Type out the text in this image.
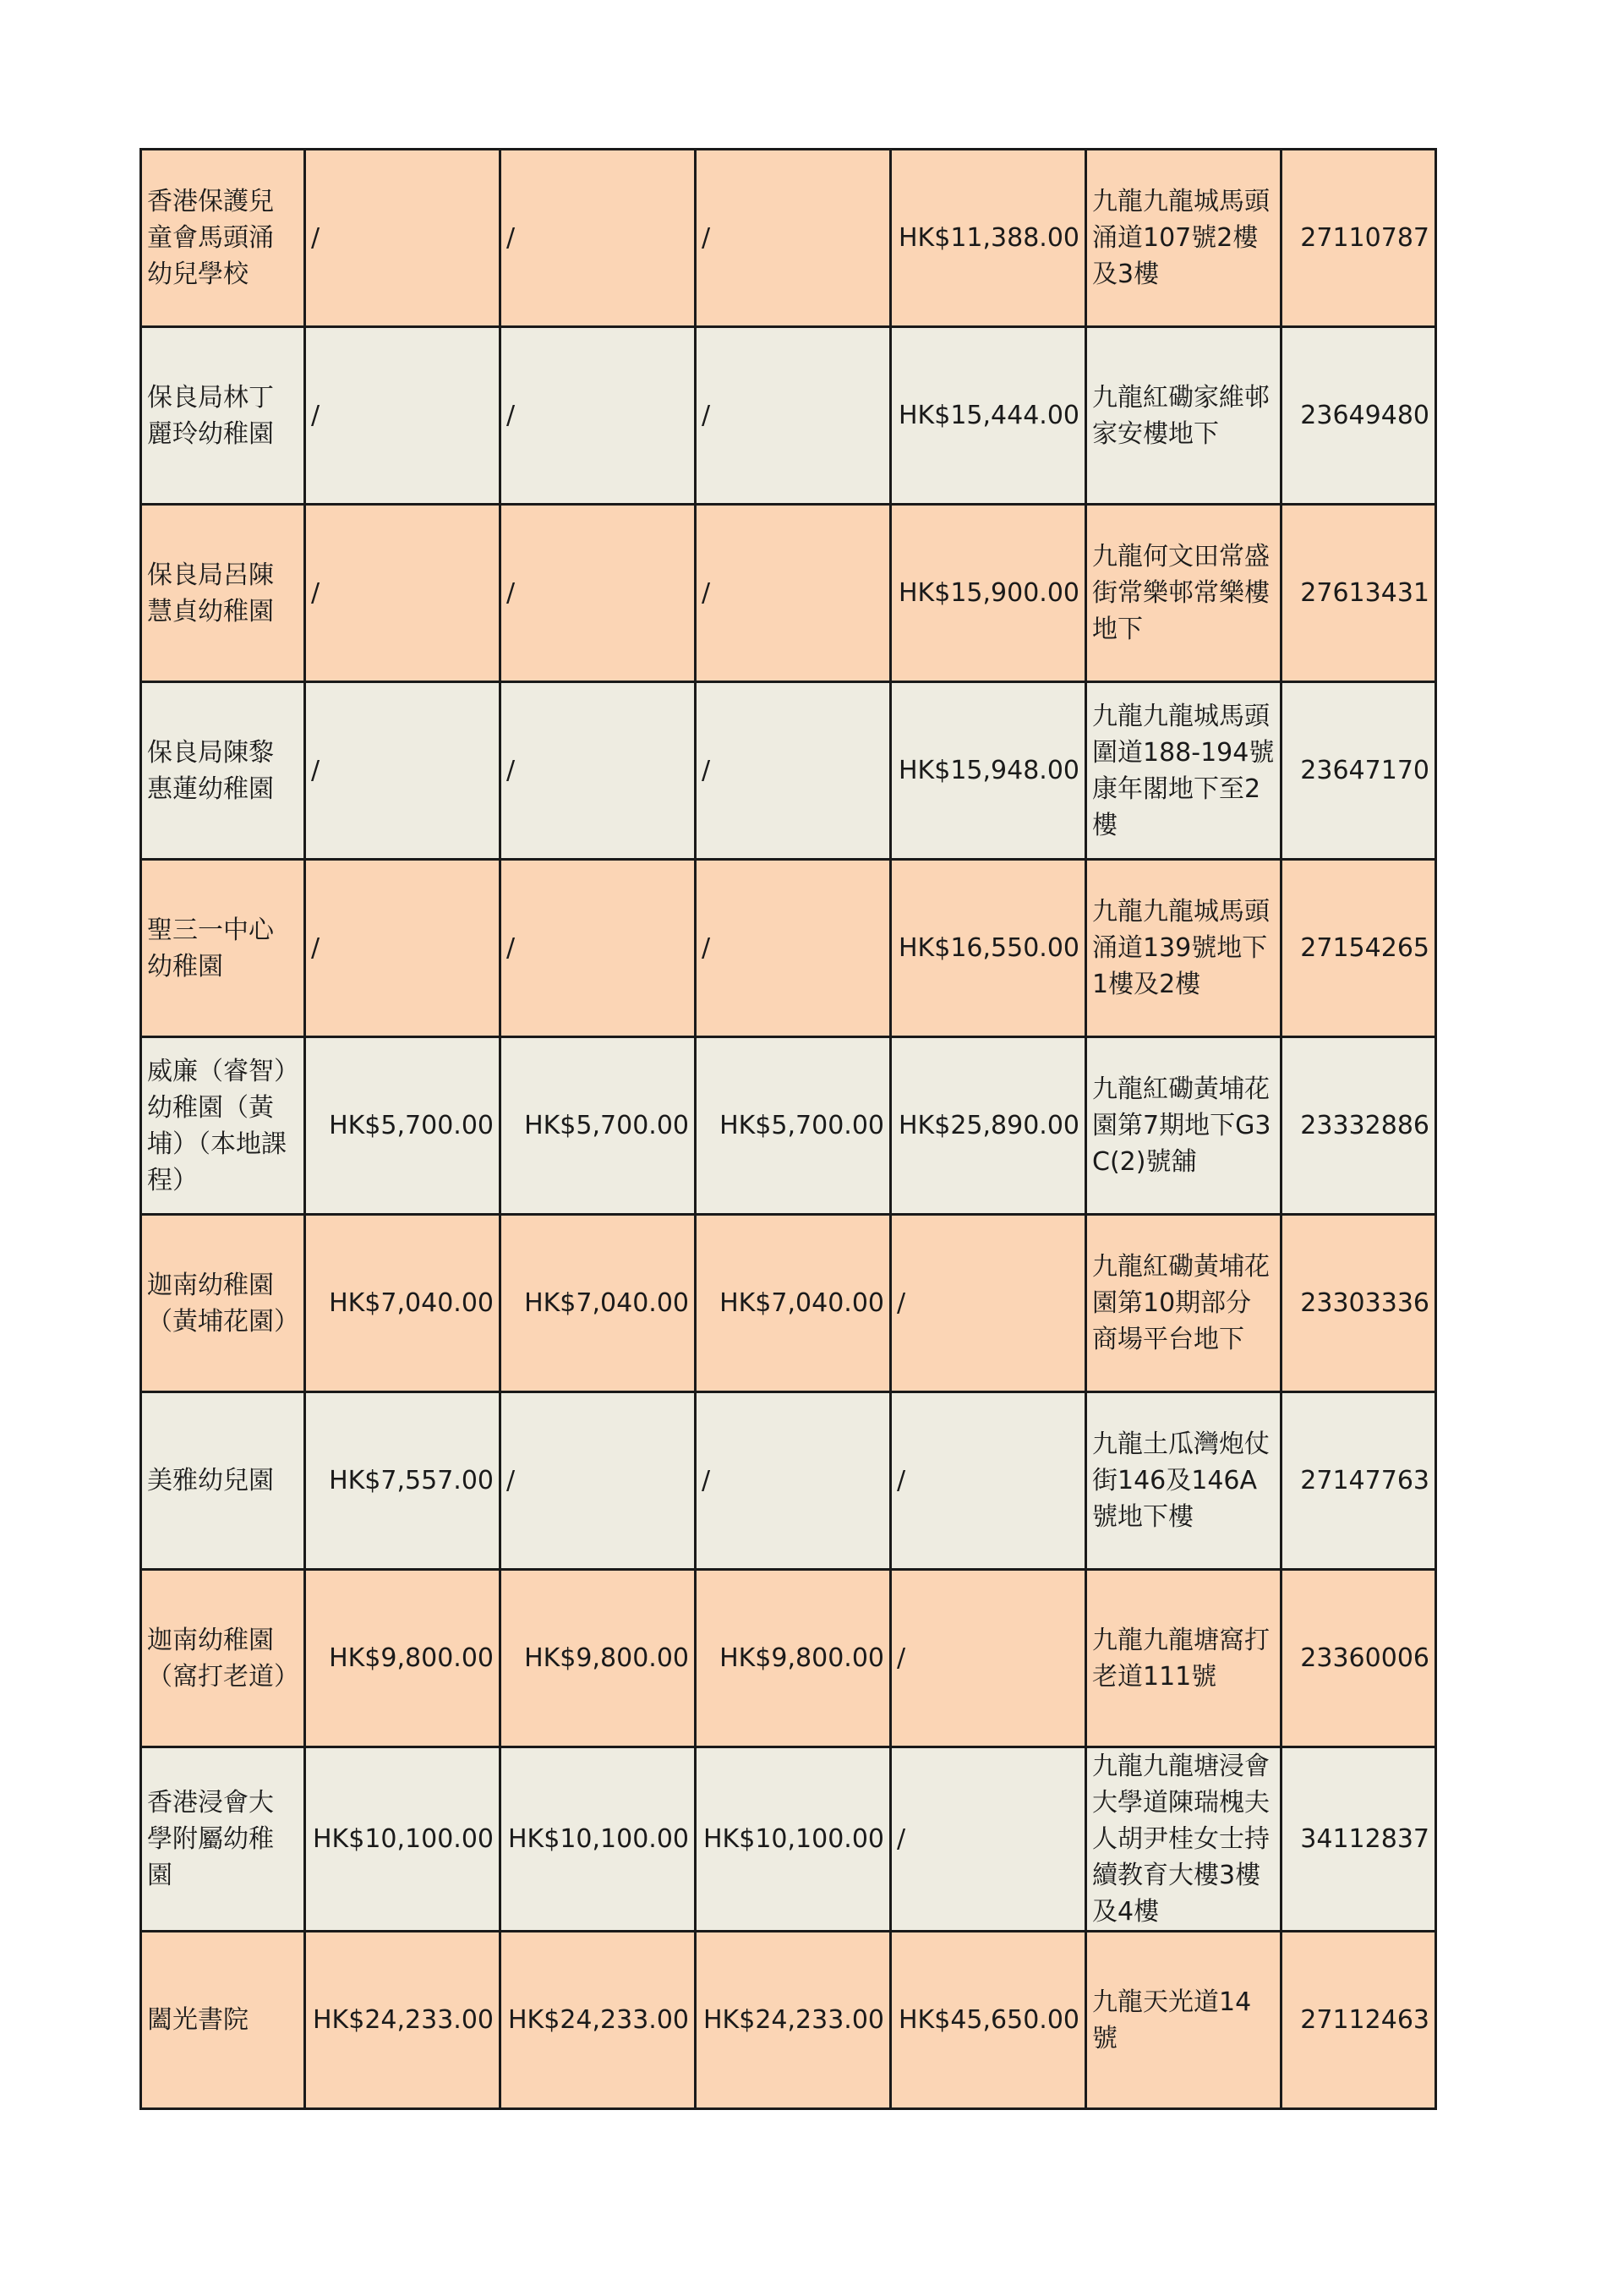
香港保護兒童會馬頭涌幼兒學校	/	/	/	HK$11,388.00	九龍九龍城馬頭涌道107號2樓及3樓	27110787
保良局林丁麗玲幼稚園	/	/	/	HK$15,444.00	九龍紅磡家維邨家安樓地下	23649480
保良局呂陳慧貞幼稚園	/	/	/	HK$15,900.00	九龍何文田常盛街常樂邨常樂樓地下	27613431
保良局陳黎惠蓮幼稚園	/	/	/	HK$15,948.00	九龍九龍城馬頭圍道188-194號康年閣地下至2樓	23647170
聖三一中心幼稚園	/	/	/	HK$16,550.00	九龍九龍城馬頭涌道139號地下1樓及2樓	27154265
威廉（睿智）幼稚園（黃埔）（本地課程）	HK$5,700.00	HK$5,700.00	HK$5,700.00	HK$25,890.00	九龍紅磡黃埔花園第7期地下G3C(2)號舖	23332886
迦南幼稚園（黃埔花園）	HK$7,040.00	HK$7,040.00	HK$7,040.00	/	九龍紅磡黃埔花園第10期部分商場平台地下	23303336
美雅幼兒園	HK$7,557.00	/	/	/	九龍土瓜灣炮仗街146及146A號地下樓	27147763
迦南幼稚園（窩打老道）	HK$9,800.00	HK$9,800.00	HK$9,800.00	/	九龍九龍塘窩打老道111號	23360006
香港浸會大學附屬幼稚園	HK$10,100.00	HK$10,100.00	HK$10,100.00	/	九龍九龍塘浸會大學道陳瑞槐夫人胡尹桂女士持續教育大樓3樓及4樓	34112837
闔光書院	HK$24,233.00	HK$24,233.00	HK$24,233.00	HK$45,650.00	九龍天光道14號	27112463
